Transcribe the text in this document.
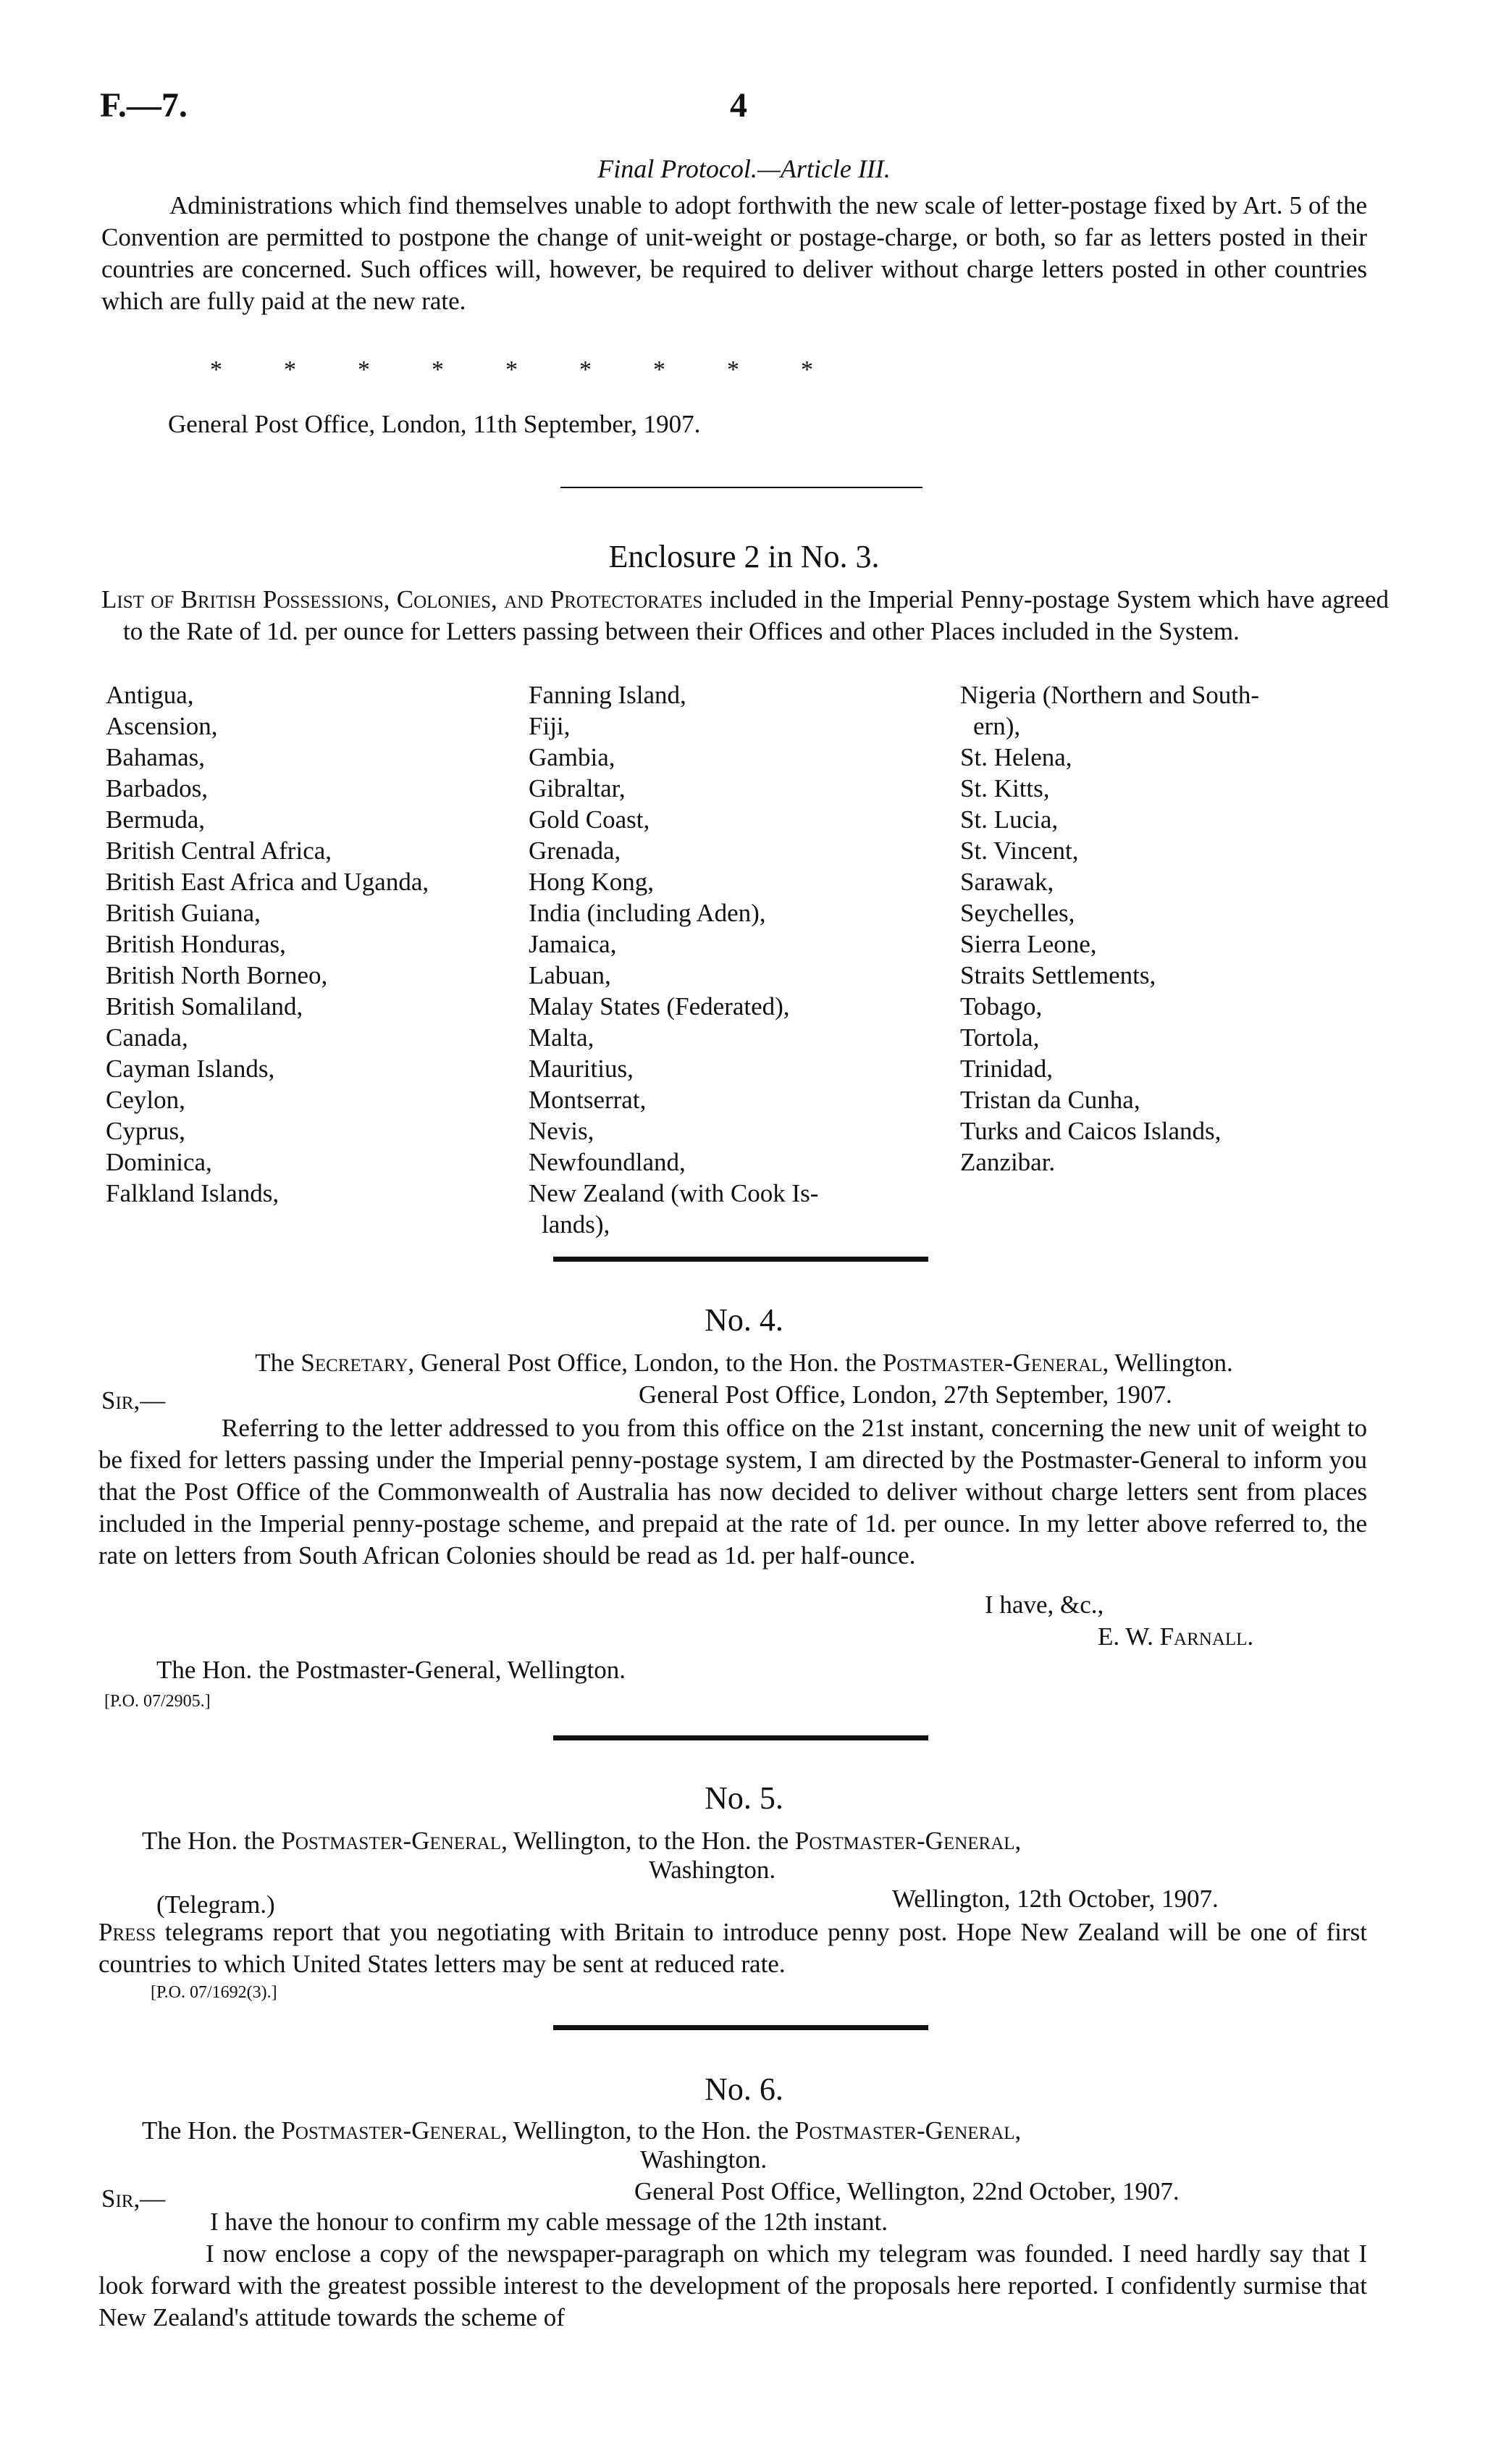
F.—7.	4
Final Protocol.—Article III.
Administrations which find themselves unable to adopt forthwith the new scale of letter-postage fixed by Art. 5 of the Convention are permitted to postpone the change of unit-weight or postage-charge, or both, so far as letters posted in their countries are concerned. Such offices will, however, be required to deliver without charge letters posted in other countries which are fully paid at the new rate.
*          *          *          *          *          *          *          *          *
General Post Office, London, 11th September, 1907.
Enclosure 2 in No. 3.
List of British Possessions, Colonies, and Protectorates included in the Imperial Penny-postage System which have agreed to the Rate of 1d. per ounce for Letters passing between their Offices and other Places included in the System.
Antigua,
Ascension,
Bahamas,
Barbados,
Bermuda,
British Central Africa,
British East Africa and Uganda,
British Guiana,
British Honduras,
British North Borneo,
British Somaliland,
Canada,
Cayman Islands,
Ceylon,
Cyprus,
Dominica,
Falkland Islands,
Fanning Island,
Fiji,
Gambia,
Gibraltar,
Gold Coast,
Grenada,
Hong Kong,
India (including Aden),
Jamaica,
Labuan,
Malay States (Federated),
Malta,
Mauritius,
Montserrat,
Nevis,
Newfoundland,
New Zealand (with Cook Is-
lands),
Nigeria (Northern and South-
ern),
St. Helena,
St. Kitts,
St. Lucia,
St. Vincent,
Sarawak,
Seychelles,
Sierra Leone,
Straits Settlements,
Tobago,
Tortola,
Trinidad,
Tristan da Cunha,
Turks and Caicos Islands,
Zanzibar.
No. 4.
The Secretary, General Post Office, London, to the Hon. the Postmaster-General, Wellington.
Sir,—	General Post Office, London, 27th September, 1907.
Referring to the letter addressed to you from this office on the 21st instant, concerning the new unit of weight to be fixed for letters passing under the Imperial penny-postage system, I am directed by the Postmaster-General to inform you that the Post Office of the Commonwealth of Australia has now decided to deliver without charge letters sent from places included in the Imperial penny-postage scheme, and prepaid at the rate of 1d. per ounce. In my letter above referred to, the rate on letters from South African Colonies should be read as 1d. per half-ounce.
I have, &c.,
E. W. Farnall.
The Hon. the Postmaster-General, Wellington.
[P.O. 07/2905.]
No. 5.
The Hon. the Postmaster-General, Wellington, to the Hon. the Postmaster-General,
Washington.
(Telegram.)	Wellington, 12th October, 1907.
Press telegrams report that you negotiating with Britain to introduce penny post. Hope New Zealand will be one of first countries to which United States letters may be sent at reduced rate.
[P.O. 07/1692(3).]
No. 6.
The Hon. the Postmaster-General, Wellington, to the Hon. the Postmaster-General,
Washington.
Sir,—	General Post Office, Wellington, 22nd October, 1907.
I have the honour to confirm my cable message of the 12th instant.
I now enclose a copy of the newspaper-paragraph on which my telegram was founded. I need hardly say that I look forward with the greatest possible interest to the development of the proposals here reported. I confidently surmise that New Zealand's attitude towards the scheme of
